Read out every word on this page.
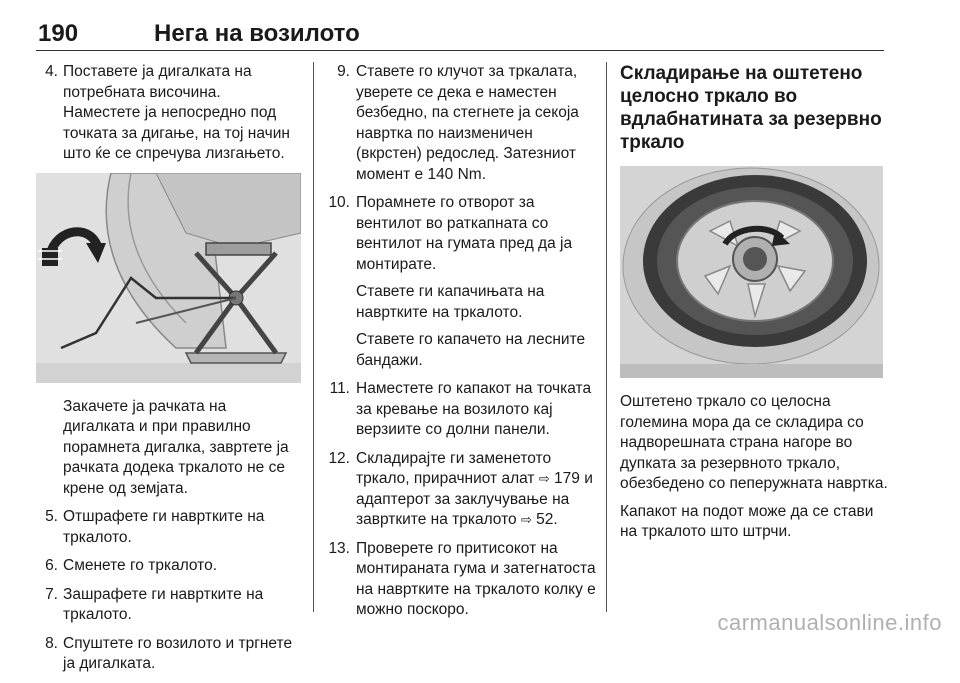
190	Нега на возилото
4. Поставете ја дигалката на потребната височина. Наместете ја непосредно под точката за дигање, на тој начин што ќе се спречува лизгањето.

Закачете ја рачката на дигалката и при правилно порамнета дигалка, завртете ја рачката додека тркалото не се крене од земјата.

5. Отшрафете ги навртките на тркалото.

6. Сменете го тркалото.

7. Зашрафете ги навртките на тркалото.

8. Спуштете го возилото и тргнете ја дигалката.

9. Ставете го клучот за тркалата, уверете се дека е наместен безбедно, па стегнете ја секоја навртка по наизменичен (вкрстен) редослед. Затезниот момент е 140 Nm.

10. Порамнете го отворот за вентилот во раткапната со вентилот на гумата пред да ја монтирате.

Ставете ги капачињата на навртките на тркалото.

Ставете го капачето на лесните бандажи.

11. Наместете го капакот на точката за кревање на возилото кај верзиите со долни панели.

12. Складирајте ги заменетото тркало, прирачниот алат ⇨ 179 и адаптерот за заклучување на завртките на тркалото ⇨ 52.

13. Проверете го притисокот на монтираната гума и затегнатоста на навртките на тркалото колку е можно поскоро.

Складирање на оштетено целосно тркало во вдлабнатината за резервно тркало

Оштетено тркало со целосна големина мора да се складира со надворешната страна нагоре во дупката за резервното тркало, обезбедено со пеперужната навртка.

Капакот на подот може да се стави на тркалото што штрчи.

carmanualsonline.info
